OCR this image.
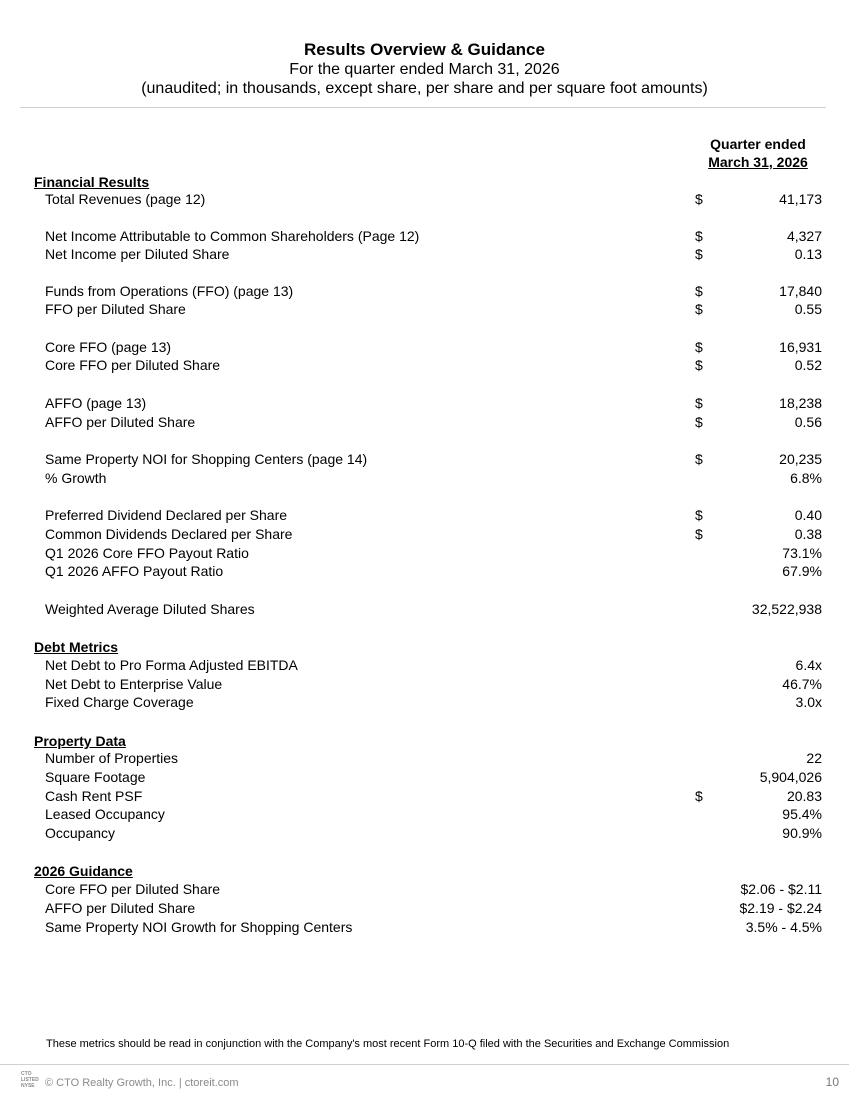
Results Overview & Guidance
For the quarter ended March 31, 2026
(unaudited; in thousands, except share, per share and per square foot amounts)
Quarter ended
March 31, 2026
Financial Results
Total Revenues (page 12)	$	41,173
Net Income Attributable to Common Shareholders (Page 12)	$	4,327
Net Income per Diluted Share	$	0.13
Funds from Operations (FFO) (page 13)	$	17,840
FFO per Diluted Share	$	0.55
Core FFO (page 13)	$	16,931
Core FFO per Diluted Share	$	0.52
AFFO (page 13)	$	18,238
AFFO per Diluted Share	$	0.56
Same Property NOI for Shopping Centers (page 14)	$	20,235
% Growth	6.8%
Preferred Dividend Declared per Share	$	0.40
Common Dividends Declared per Share	$	0.38
Q1 2026 Core FFO Payout Ratio	73.1%
Q1 2026 AFFO Payout Ratio	67.9%
Weighted Average Diluted Shares	32,522,938
Debt Metrics
Net Debt to Pro Forma Adjusted EBITDA	6.4x
Net Debt to Enterprise Value	46.7%
Fixed Charge Coverage	3.0x
Property Data
Number of Properties	22
Square Footage	5,904,026
Cash Rent PSF	$	20.83
Leased Occupancy	95.4%
Occupancy	90.9%
2026 Guidance
Core FFO per Diluted Share	$2.06 - $2.11
AFFO per Diluted Share	$2.19 - $2.24
Same Property NOI Growth for Shopping Centers	3.5% - 4.5%
These metrics should be read in conjunction with the Company's most recent Form 10-Q filed with the Securities and Exchange Commission
CTO
LISTED
NYSE © CTO Realty Growth, Inc. | ctoreit.com	10
